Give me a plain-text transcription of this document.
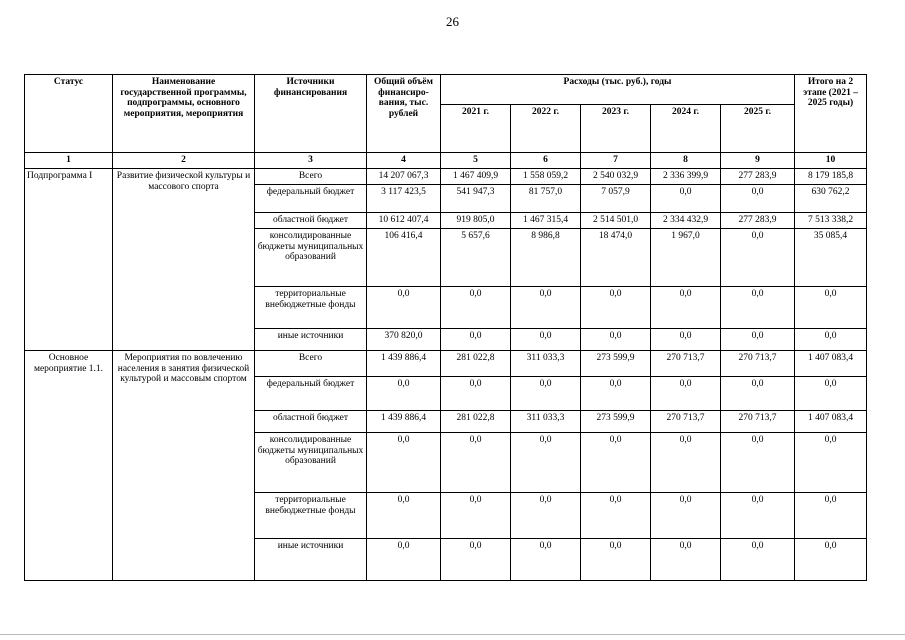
26
Статус	Наименование государственной программы, подпрограммы, основного мероприятия, мероприятия	Источники финансирования	Общий объём финансиро-вания, тыс. рублей	Расходы (тыс. руб.), годы					Итого на 2 этапе (2021 – 2025 годы)
				2021 г.	2022 г.	2023 г.	2024 г.	2025 г.	
1	2	3	4	5	6	7	8	9	10
Подпрограмма I	Развитие физической культуры и массового спорта	Всего	14 207 067,3	1 467 409,9	1 558 059,2	2 540 032,9	2 336 399,9	277 283,9	8 179 185,8
		федеральный бюджет	3 117 423,5	541 947,3	81 757,0	7 057,9	0,0	0,0	630 762,2
		областной бюджет	10 612 407,4	919 805,0	1 467 315,4	2 514 501,0	2 334 432,9	277 283,9	7 513 338,2
		консолидированные бюджеты муниципальных образований	106 416,4	5 657,6	8 986,8	18 474,0	1 967,0	0,0	35 085,4
		территориальные внебюджетные фонды	0,0	0,0	0,0	0,0	0,0	0,0	0,0
		иные источники	370 820,0	0,0	0,0	0,0	0,0	0,0	0,0
Основное мероприятие 1.1.	Мероприятия по вовлечению населения в занятия физической культурой и массовым спортом	Всего	1 439 886,4	281 022,8	311 033,3	273 599,9	270 713,7	270 713,7	1 407 083,4
		федеральный бюджет	0,0	0,0	0,0	0,0	0,0	0,0	0,0
		областной бюджет	1 439 886,4	281 022,8	311 033,3	273 599,9	270 713,7	270 713,7	1 407 083,4
		консолидированные бюджеты муниципальных образований	0,0	0,0	0,0	0,0	0,0	0,0	0,0
		территориальные внебюджетные фонды	0,0	0,0	0,0	0,0	0,0	0,0	0,0
		иные источники	0,0	0,0	0,0	0,0	0,0	0,0	0,0
